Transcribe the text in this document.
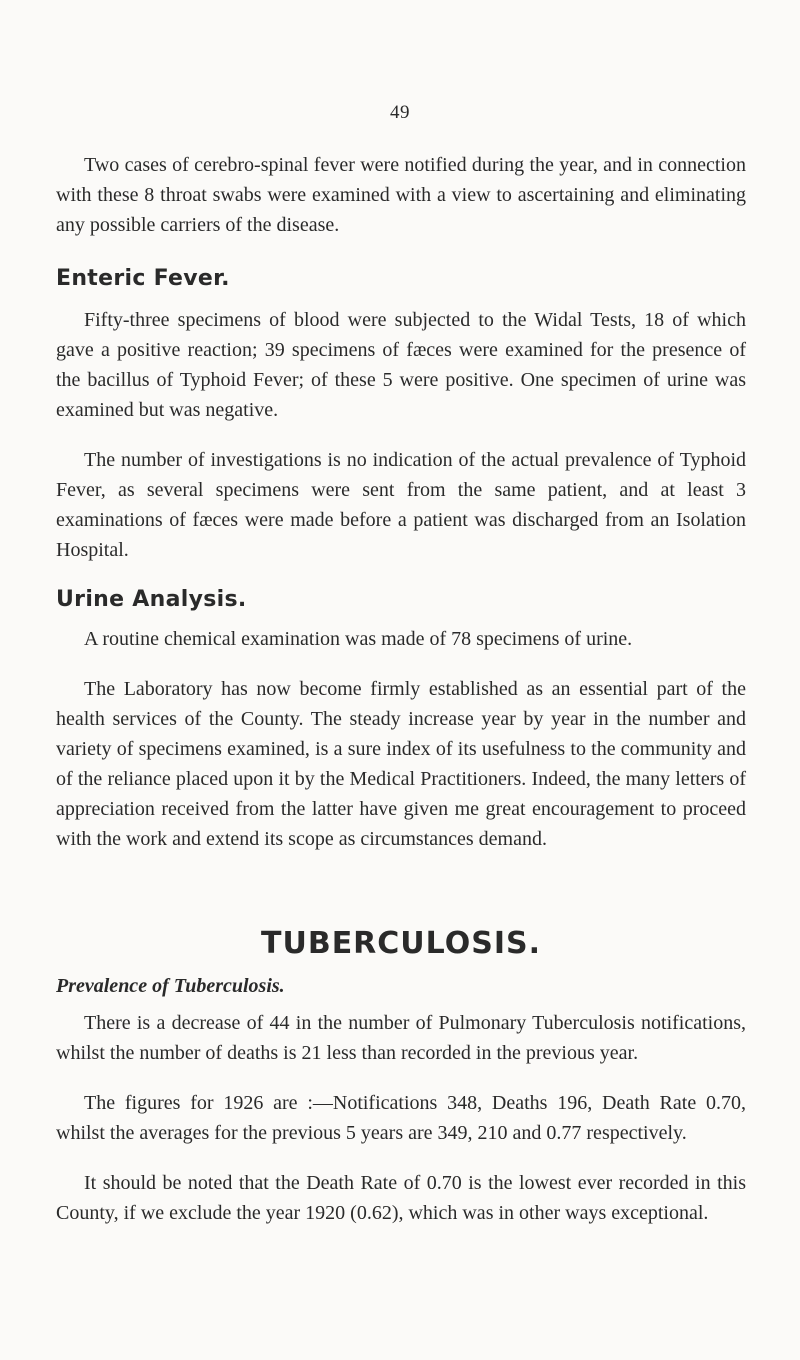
49

Two cases of cerebro-spinal fever were notified during the year, and in connection with these 8 throat swabs were examined with a view to ascertaining and eliminating any possible carriers of the disease.

Enteric Fever.

Fifty-three specimens of blood were subjected to the Widal Tests, 18 of which gave a positive reaction; 39 specimens of fæces were examined for the presence of the bacillus of Typhoid Fever; of these 5 were positive. One specimen of urine was examined but was negative.

The number of investigations is no indication of the actual prevalence of Typhoid Fever, as several specimens were sent from the same patient, and at least 3 examinations of fæces were made before a patient was discharged from an Isolation Hospital.

Urine Analysis.

A routine chemical examination was made of 78 specimens of urine.

The Laboratory has now become firmly established as an essential part of the health services of the County. The steady increase year by year in the number and variety of specimens examined, is a sure index of its usefulness to the community and of the reliance placed upon it by the Medical Practitioners. Indeed, the many letters of appreciation received from the latter have given me great encouragement to proceed with the work and extend its scope as circumstances demand.

TUBERCULOSIS.
Prevalence of Tuberculosis.

There is a decrease of 44 in the number of Pulmonary Tuberculosis notifications, whilst the number of deaths is 21 less than recorded in the previous year.

The figures for 1926 are :—Notifications 348, Deaths 196, Death Rate 0.70, whilst the averages for the previous 5 years are 349, 210 and 0.77 respectively.

It should be noted that the Death Rate of 0.70 is the lowest ever recorded in this County, if we exclude the year 1920 (0.62), which was in other ways exceptional.
